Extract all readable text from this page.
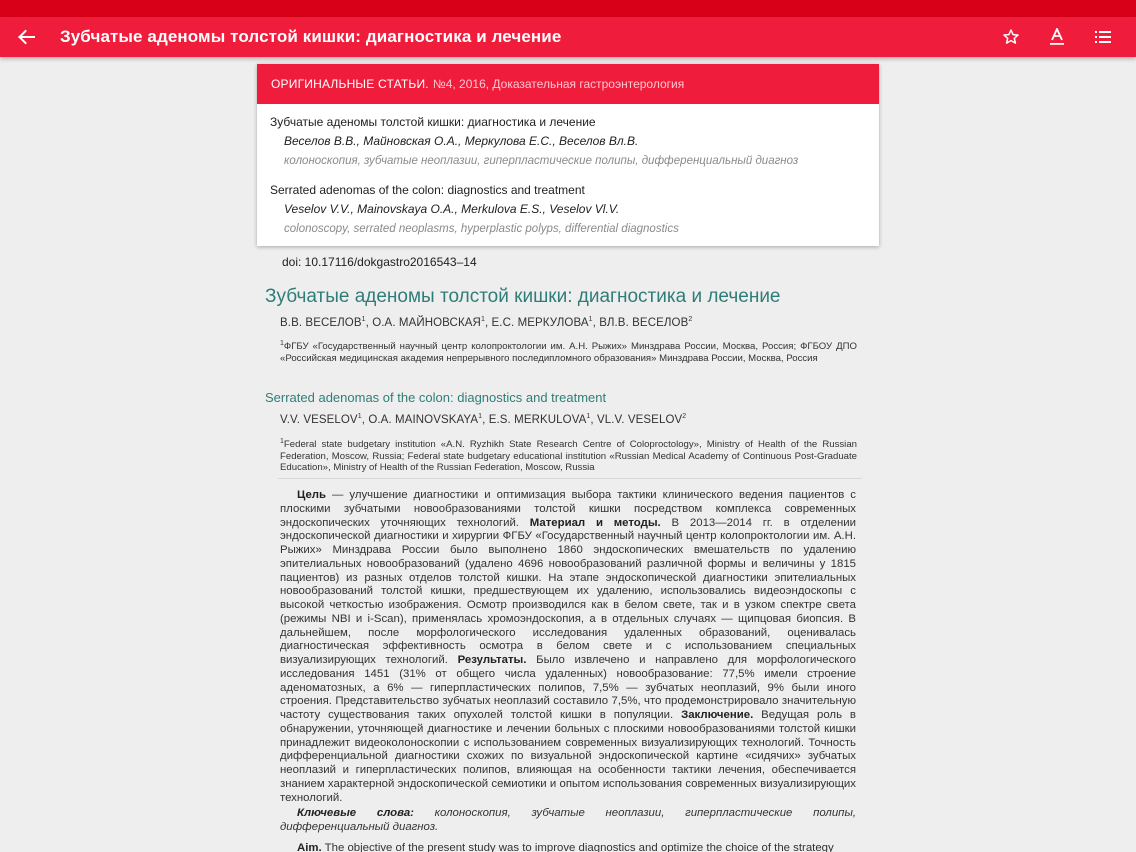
Зубчатые аденомы толстой кишки: диагностика и лечение
ОРИГИНАЛЬНЫЕ СТАТЬИ. №4, 2016, Доказательная гастроэнтерология
Зубчатые аденомы толстой кишки: диагностика и лечение
Веселов В.В., Майновская О.А., Меркулова Е.С., Веселов Вл.В.
колоноскопия, зубчатые неоплазии, гиперпластические полипы, дифференциальный диагноз
Serrated adenomas of the colon: diagnostics and treatment
Veselov V.V., Mainovskaya O.A., Merkulova E.S., Veselov Vl.V.
colonoscopy, serrated neoplasms, hyperplastic polyps, differential diagnostics
doi: 10.17116/dokgastro2016543–14
Зубчатые аденомы толстой кишки: диагностика и лечение
В.В. ВЕСЕЛОВ$^1$, О.А. МАЙНОВСКАЯ$^1$, Е.С. МЕРКУЛОВА$^1$, ВЛ.В. ВЕСЕЛОВ$^2$
$^1$ФГБУ «Государственный научный центр колопроктологии им. А.Н. Рыжих» Минздрава России, Москва, Россия; ФГБОУ ДПО «Российская медицинская академия непрерывного последипломного образования» Минздрава России, Москва, Россия
Serrated adenomas of the colon: diagnostics and treatment
V.V. VESELOV$^1$, O.A. MAINOVSKAYA$^1$, E.S. MERKULOVA$^1$, VL.V. VESELOV$^2$
$^1$Federal state budgetary institution «A.N. Ryzhikh State Research Centre of Coloproctology», Ministry of Health of the Russian Federation, Moscow, Russia; Federal state budgetary educational institution «Russian Medical Academy of Continuous Post-Graduate Education», Ministry of Health of the Russian Federation, Moscow, Russia
Цель — улучшение диагностики и оптимизация выбора тактики клинического ведения пациентов с плоскими зубчатыми новообразованиями толстой кишки посредством комплекса современных эндоскопических уточняющих технологий. Материал и методы. В 2013—2014 гг. в отделении эндоскопической диагностики и хирургии ФГБУ «Государственный научный центр колопроктологии им. А.Н. Рыжих» Минздрава России было выполнено 1860 эндоскопических вмешательств по удалению эпителиальных новообразований (удалено 4696 новообразований различной формы и величины у 1815 пациентов) из разных отделов толстой кишки. На этапе эндоскопической диагностики эпителиальных новообразований толстой кишки, предшествующем их удалению, использовались видеоэндоскопы с высокой четкостью изображения. Осмотр производился как в белом свете, так и в узком спектре света (режимы NBI и i-Scan), применялась хромоэндоскопия, а в отдельных случаях — щипцовая биопсия. В дальнейшем, после морфологического исследования удаленных образований, оценивалась диагностическая эффективность осмотра в белом свете и с использованием специальных визуализирующих технологий. Результаты. Было извлечено и направлено для морфологического исследования 1451 (31% от общего числа удаленных) новообразование: 77,5% имели строение аденоматозных, а 6% — гиперпластических полипов, 7,5% — зубчатых неоплазий, 9% были иного строения. Представительство зубчатых неоплазий составило 7,5%, что продемонстрировало значительную частоту существования таких опухолей толстой кишки в популяции. Заключение. Ведущая роль в обнаружении, уточняющей диагностике и лечении больных с плоскими новообразованиями толстой кишки принадлежит видеоколоноскопии с использованием современных визуализирующих технологий. Точность дифференциальной диагностики схожих по визуальной эндоскопической картине «сидячих» зубчатых неоплазий и гиперпластических полипов, влияющая на особенности тактики лечения, обеспечивается знанием характерной эндоскопической семиотики и опытом использования современных визуализирующих технологий.
Ключевые слова: колоноскопия, зубчатые неоплазии, гиперпластические полипы, дифференциальный диагноз.
Aim. The objective of the present study was to improve diagnostics and optimize the choice of the strategy
